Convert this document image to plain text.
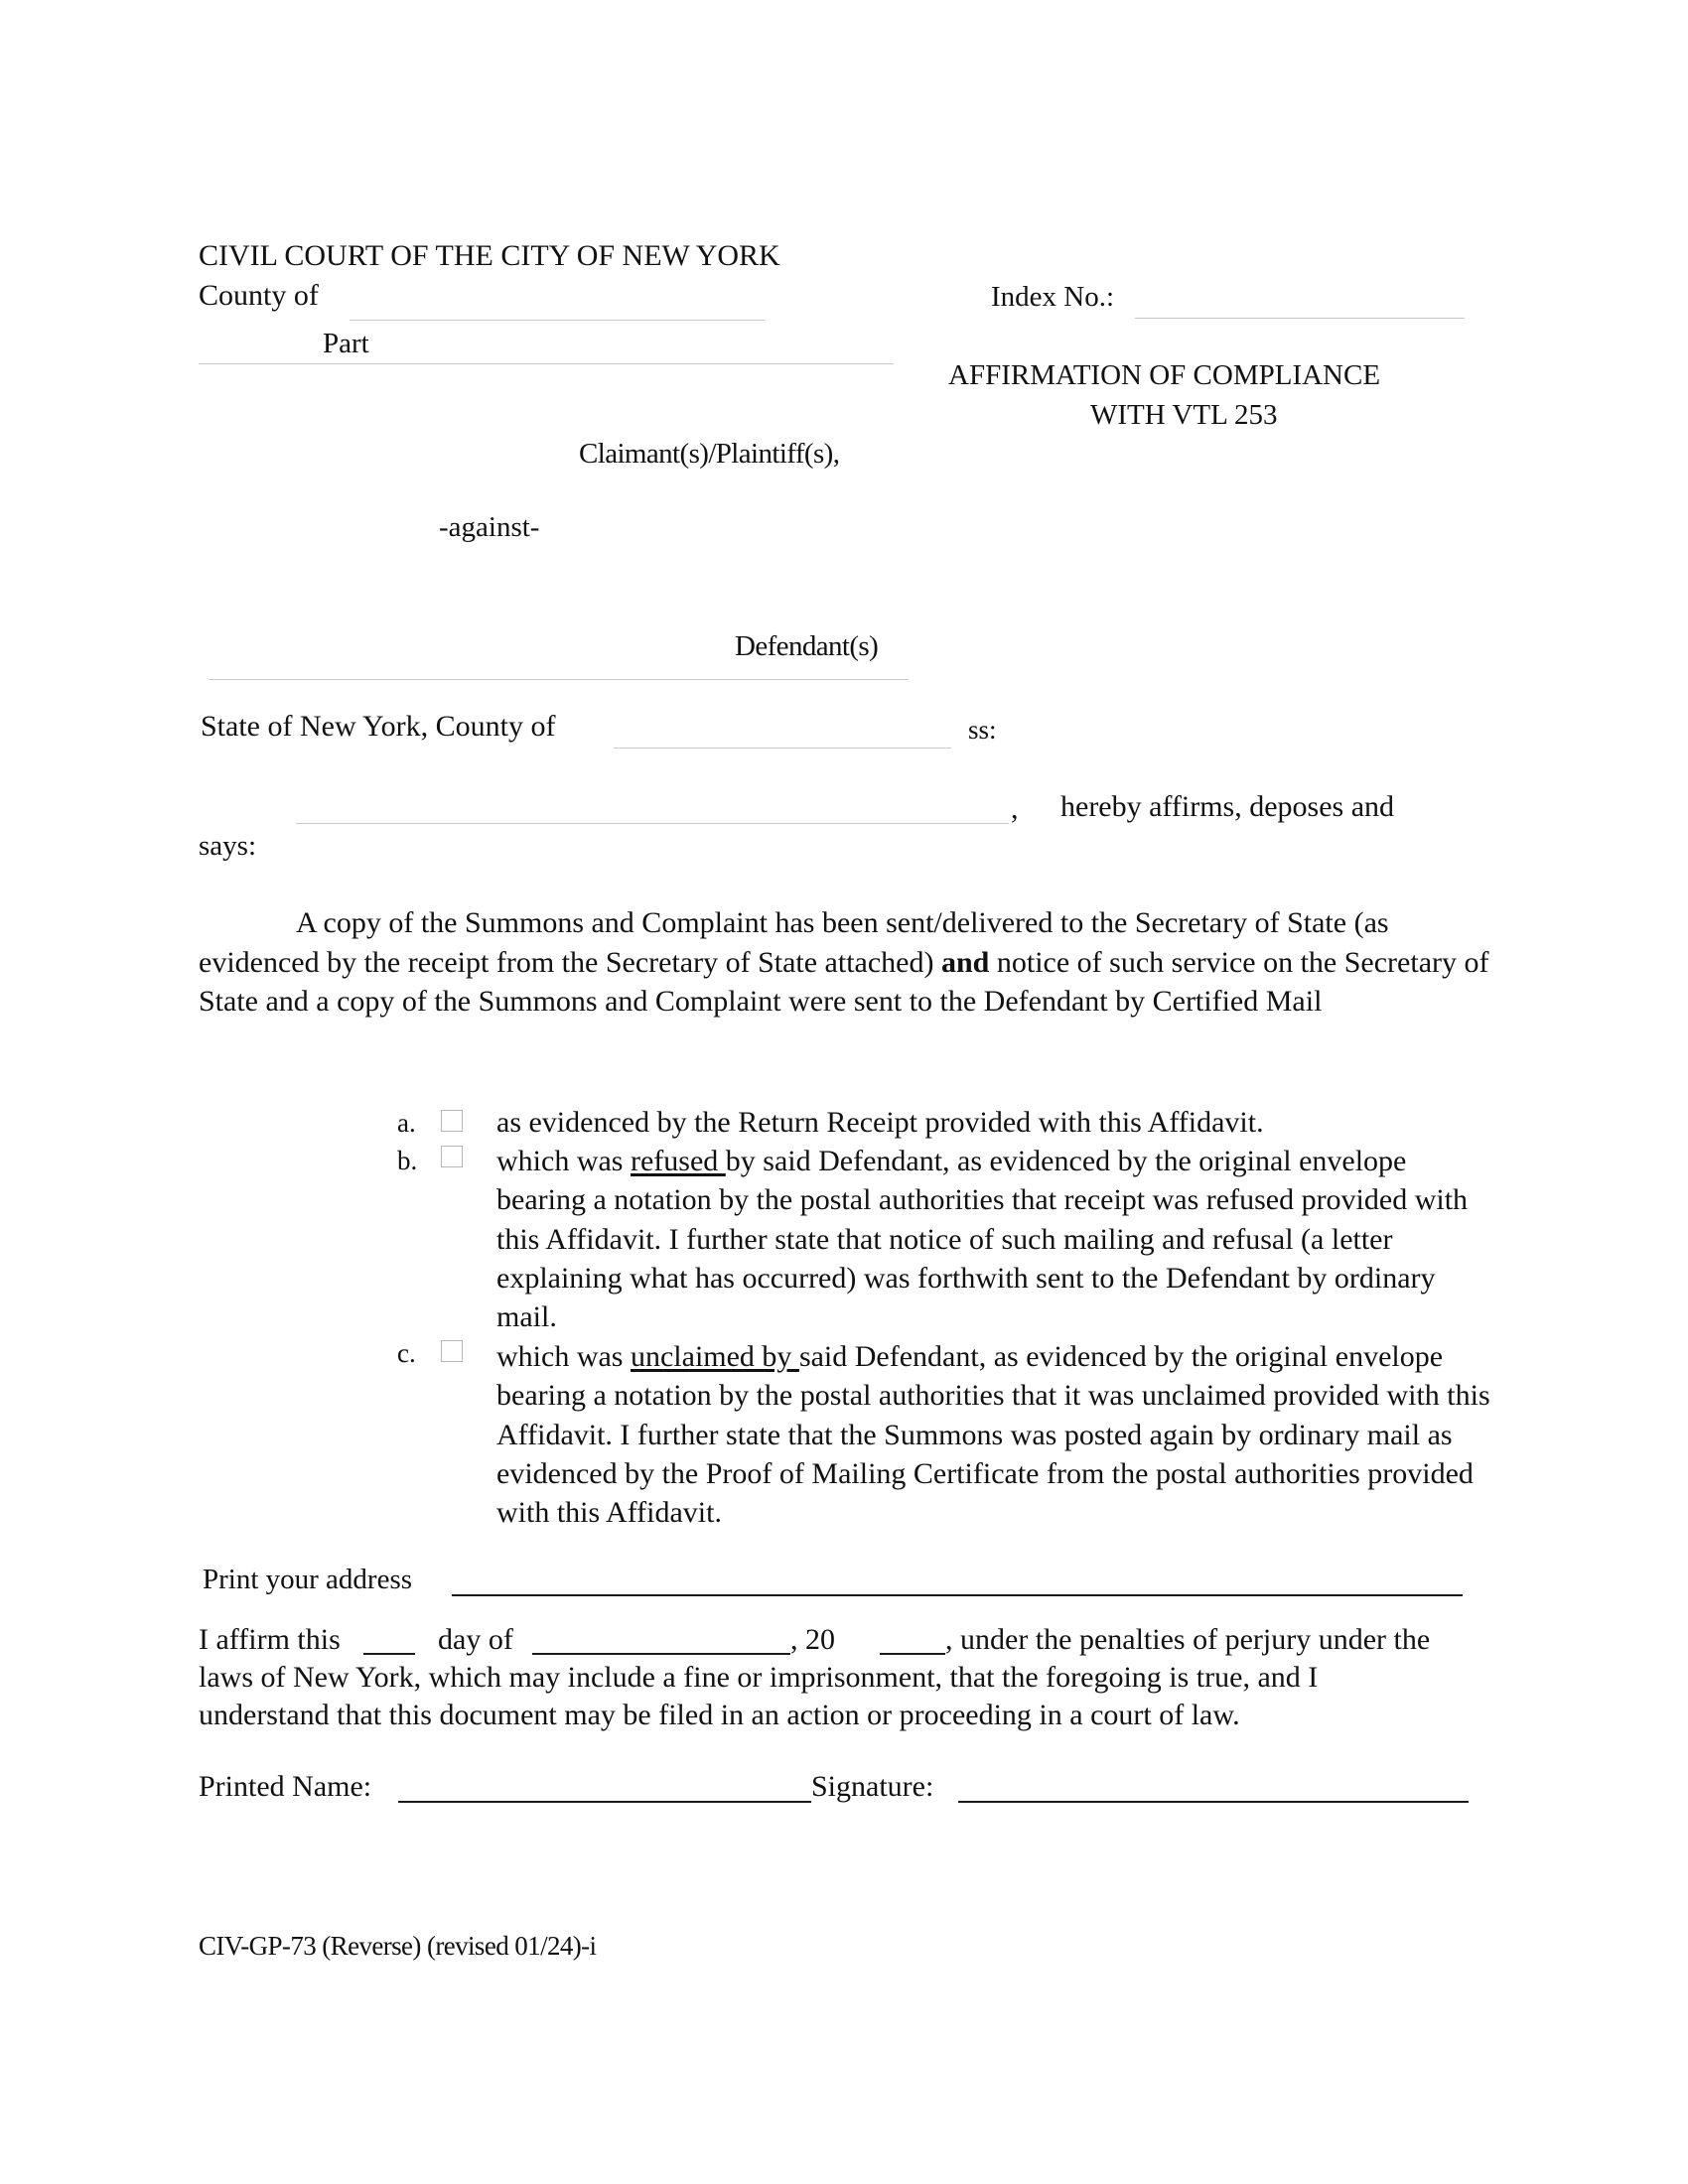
CIVIL COURT OF THE CITY OF NEW YORK
County of
Part
Index No.:
AFFIRMATION OF COMPLIANCE
WITH VTL 253
Claimant(s)/Plaintiff(s),
-against-
Defendant(s)
State of New York, County of	ss:
, hereby affirms, deposes and
says:
A copy of the Summons and Complaint has been sent/delivered to the Secretary of State (as evidenced by the receipt from the Secretary of State attached) and notice of such service on the Secretary of State and a copy of the Summons and Complaint were sent to the Defendant by Certified Mail
a.	as evidenced by the Return Receipt provided with this Affidavit.
b.	which was refused by said Defendant, as evidenced by the original envelope bearing a notation by the postal authorities that receipt was refused provided with this Affidavit. I further state that notice of such mailing and refusal (a letter explaining what has occurred) was forthwith sent to the Defendant by ordinary mail.
c.	which was unclaimed by said Defendant, as evidenced by the original envelope bearing a notation by the postal authorities that it was unclaimed provided with this Affidavit. I further state that the Summons was posted again by ordinary mail as evidenced by the Proof of Mailing Certificate from the postal authorities provided with this Affidavit.
Print your address
I affirm this	day of	, 20	, under the penalties of perjury under the
laws of New York, which may include a fine or imprisonment, that the foregoing is true, and I
understand that this document may be filed in an action or proceeding in a court of law.
Printed Name:	Signature:
CIV-GP-73 (Reverse) (revised 01/24)-i
